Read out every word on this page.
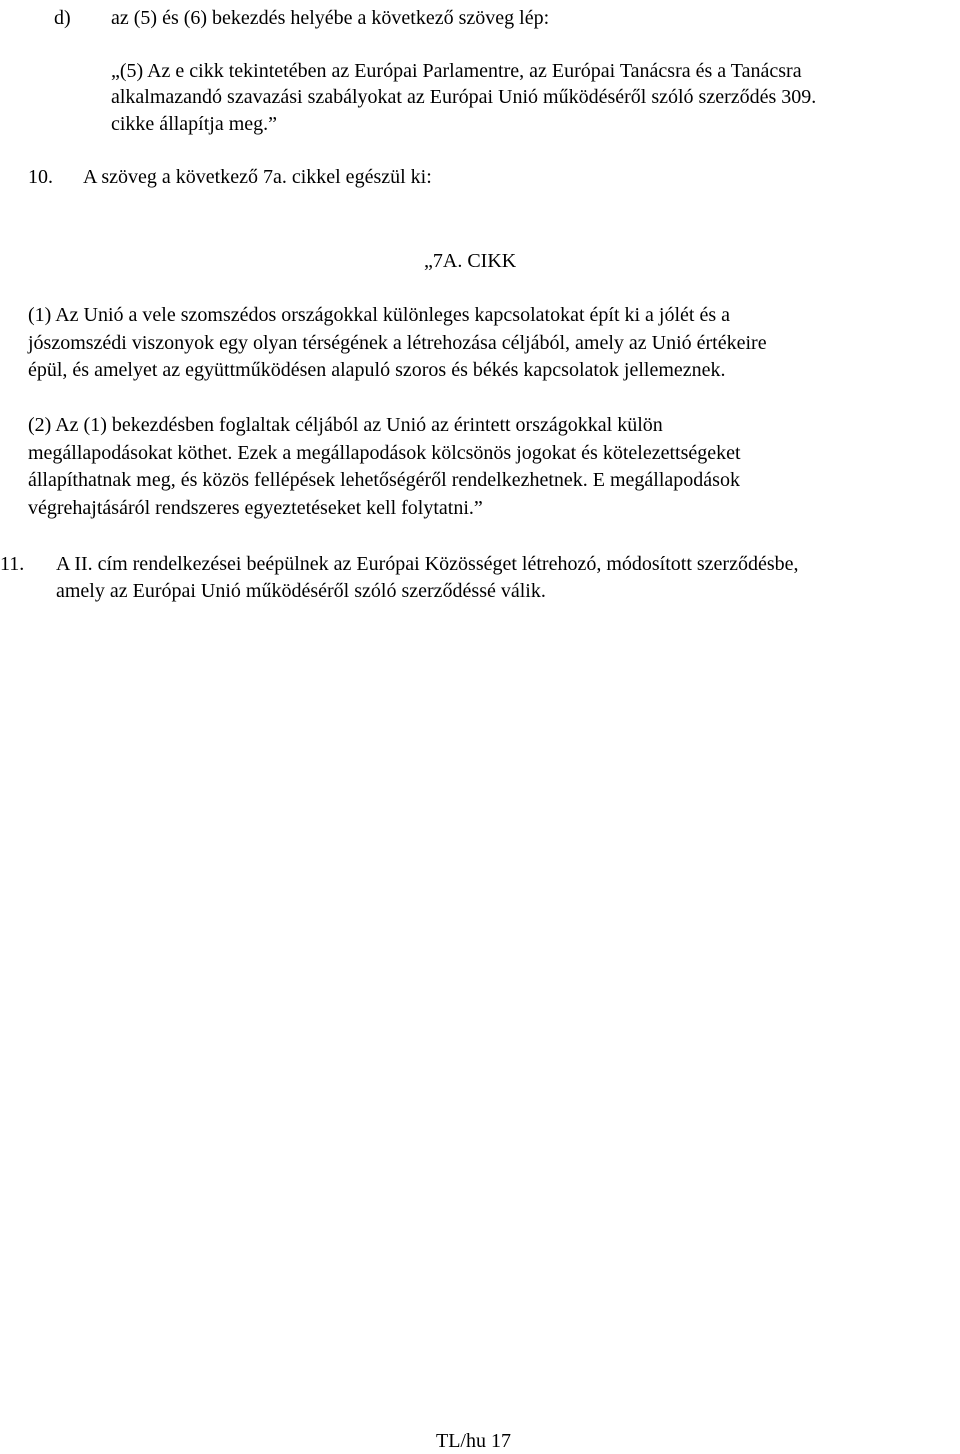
d) az (5) és (6) bekezdés helyébe a következő szöveg lép:
„(5) Az e cikk tekintetében az Európai Parlamentre, az Európai Tanácsra és a Tanácsra
alkalmazandó szavazási szabályokat az Európai Unió működéséről szóló szerződés 309.
cikke állapítja meg.”
10. A szöveg a következő 7a. cikkel egészül ki:
„7A. CIKK
(1) Az Unió a vele szomszédos országokkal különleges kapcsolatokat épít ki a jólét és a
jószomszédi viszonyok egy olyan térségének a létrehozása céljából, amely az Unió értékeire
épül, és amelyet az együttműködésen alapuló szoros és békés kapcsolatok jellemeznek.
(2) Az (1) bekezdésben foglaltak céljából az Unió az érintett országokkal külön
megállapodásokat köthet. Ezek a megállapodások kölcsönös jogokat és kötelezettségeket
állapíthatnak meg, és közös fellépések lehetőségéről rendelkezhetnek. E megállapodások
végrehajtásáról rendszeres egyeztetéseket kell folytatni.”
11. A II. cím rendelkezései beépülnek az Európai Közösséget létrehozó, módosított szerződésbe,
amely az Európai Unió működéséről szóló szerződéssé válik.
TL/hu 17
